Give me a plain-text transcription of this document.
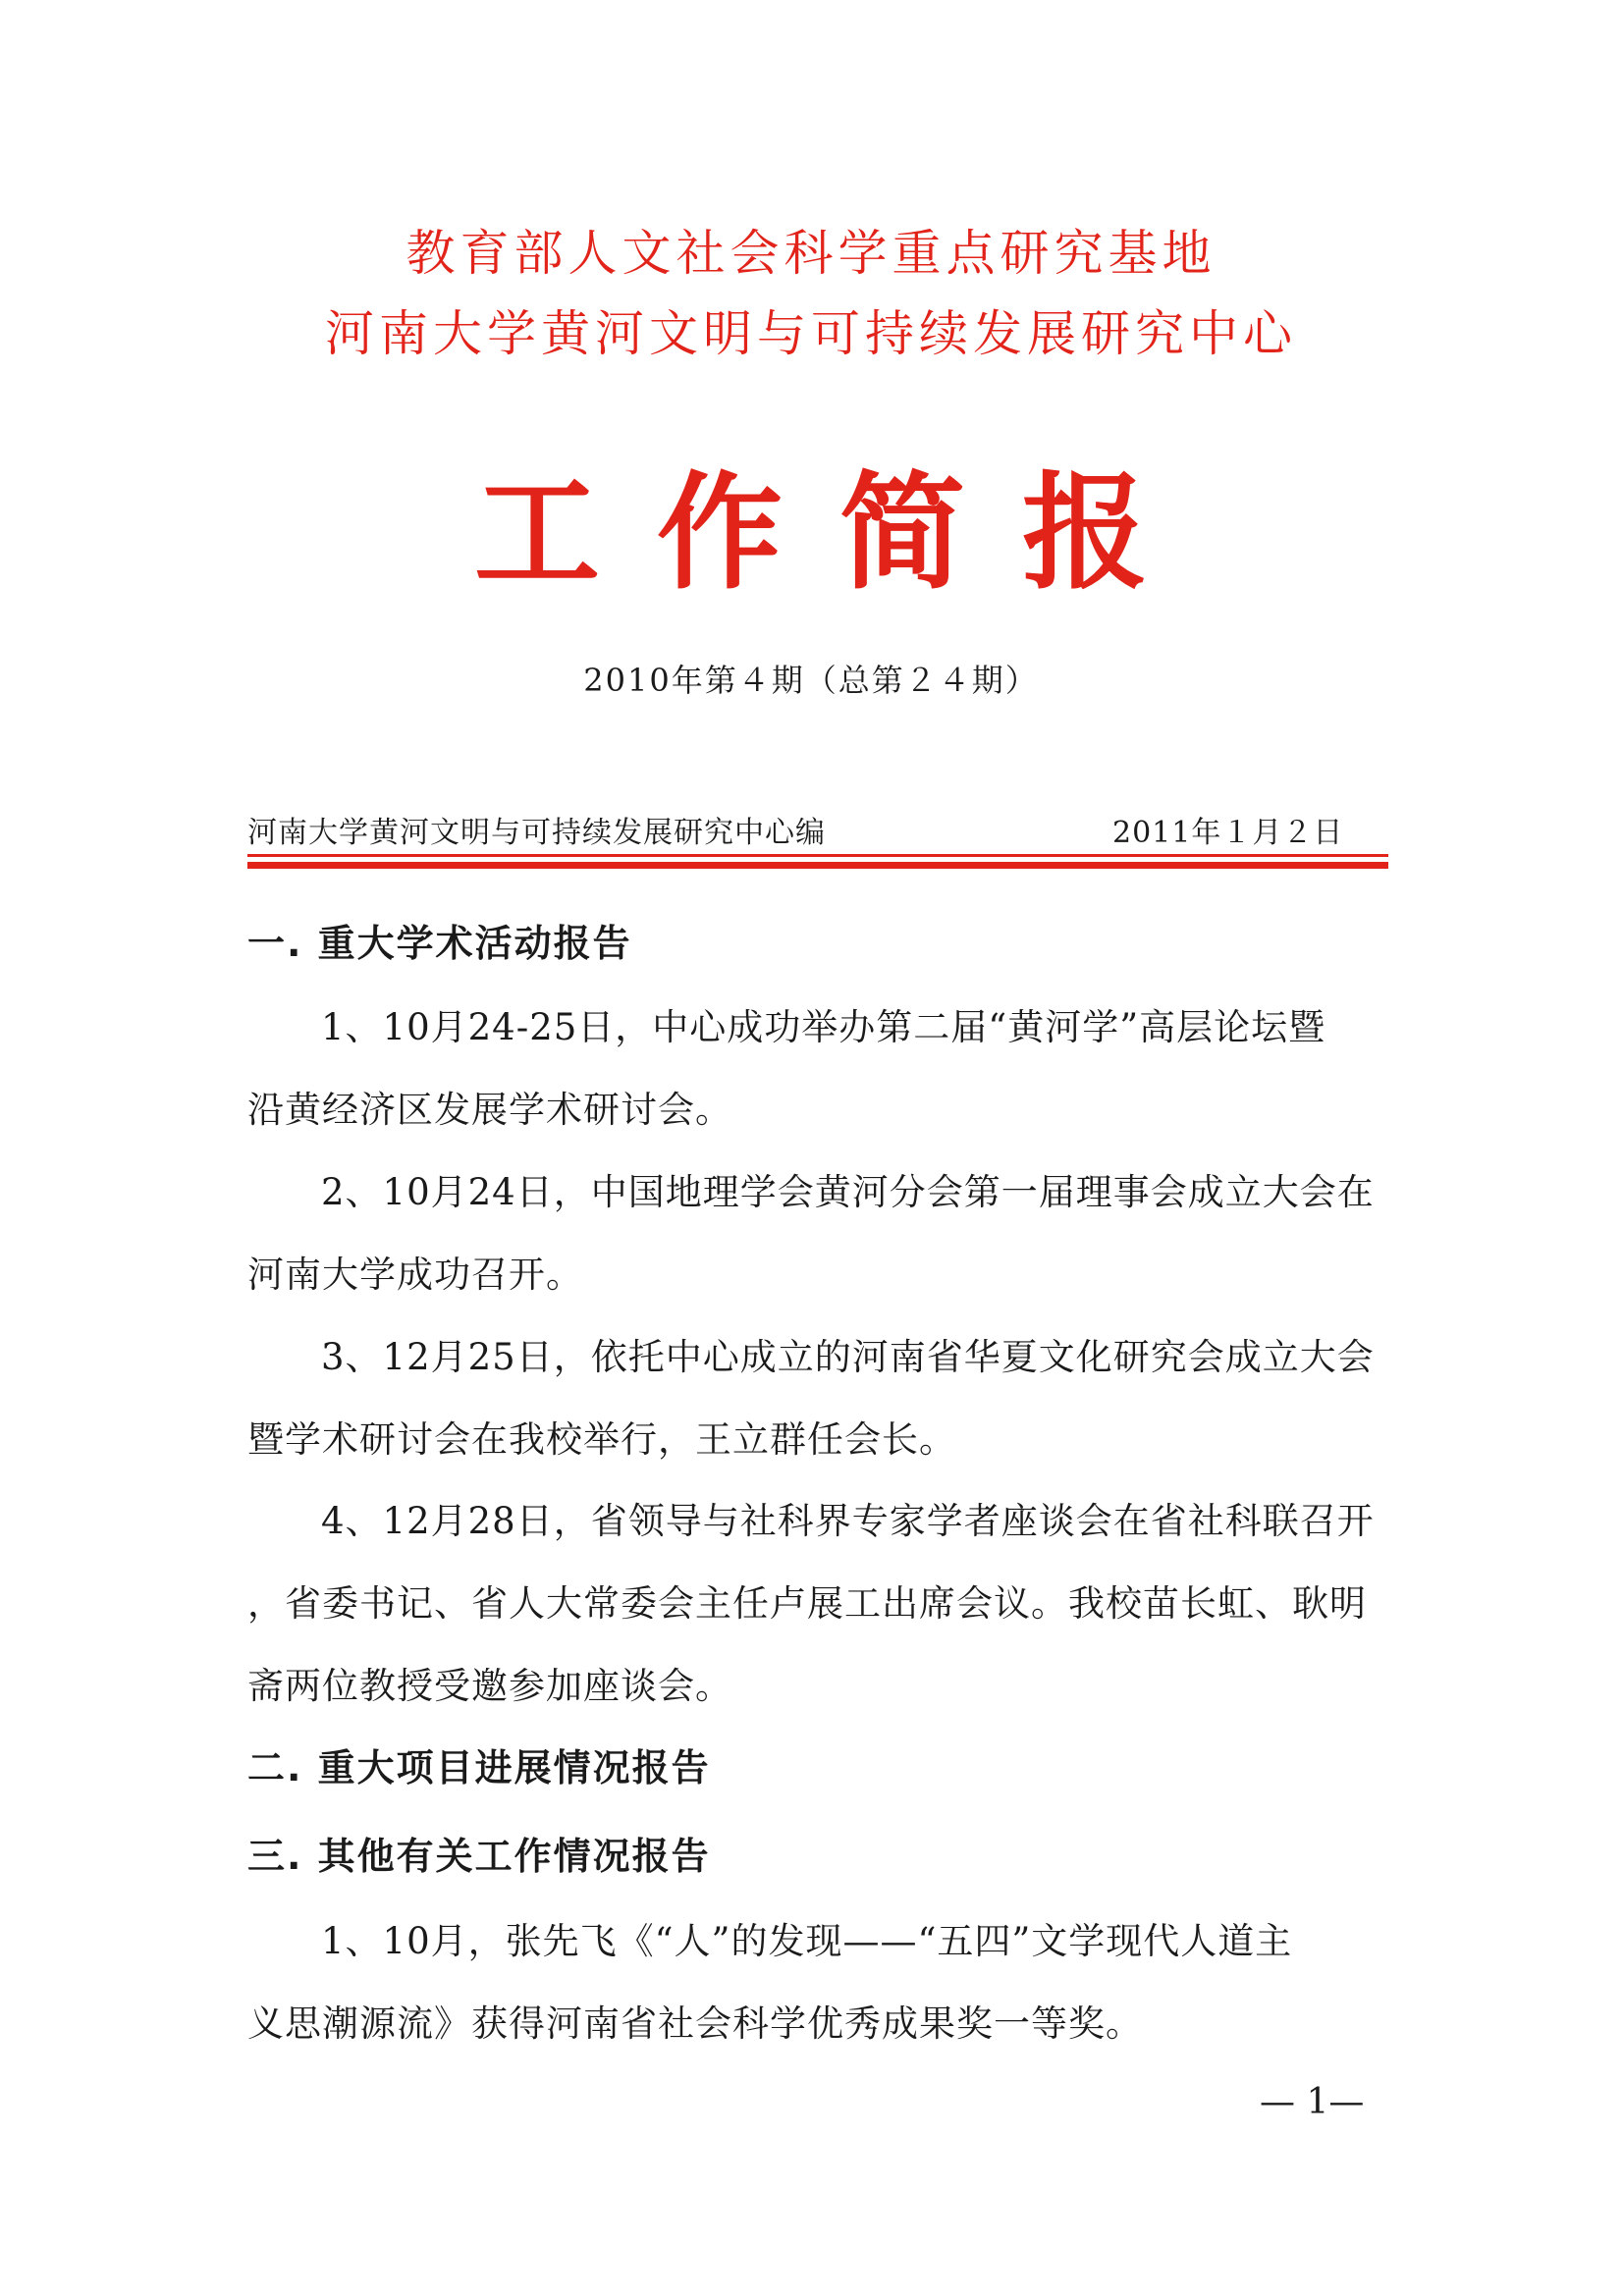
教育部人文社会科学重点研究基地
河南大学黄河文明与可持续发展研究中心
工作简报
2010年第４期（总第２４期）
河南大学黄河文明与可持续发展研究中心编	2011年１月２日
一. 重大学术活动报告
1、10月24-25日，中心成功举办第二届“黄河学”高层论坛暨
沿黄经济区发展学术研讨会。
2、10月24日，中国地理学会黄河分会第一届理事会成立大会在
河南大学成功召开。
3、12月25日，依托中心成立的河南省华夏文化研究会成立大会
暨学术研讨会在我校举行，王立群任会长。
4、12月28日，省领导与社科界专家学者座谈会在省社科联召开
，省委书记、省人大常委会主任卢展工出席会议。我校苗长虹、耿明
斋两位教授受邀参加座谈会。
二. 重大项目进展情况报告
三. 其他有关工作情况报告
1、10月，张先飞《“人”的发现——“五四”文学现代人道主
义思潮源流》获得河南省社会科学优秀成果奖一等奖。
— 1—
